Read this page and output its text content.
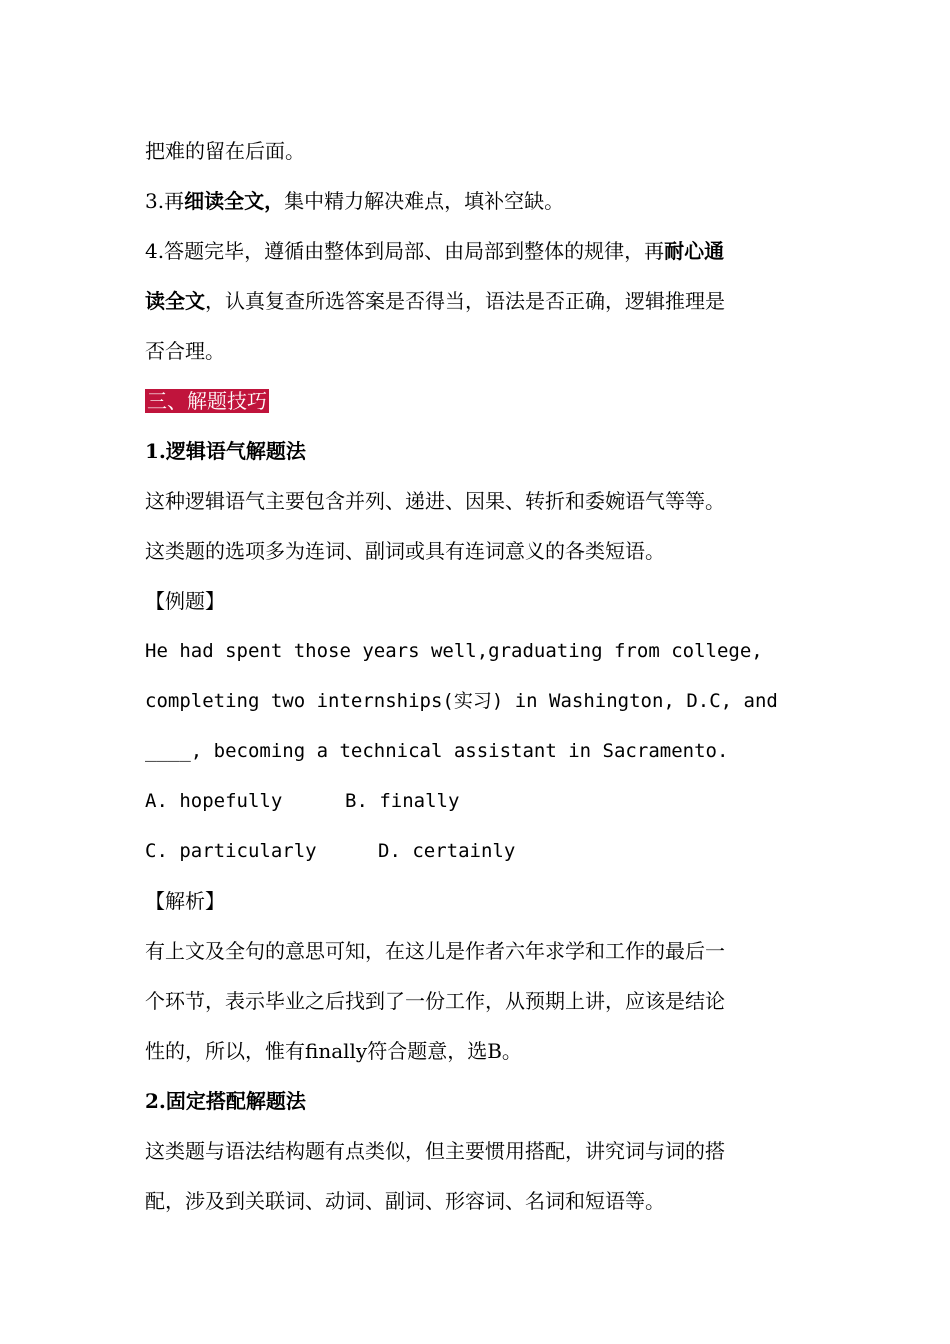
把难的留在后面。
3.再细读全文，集中精力解决难点，填补空缺。
4.答题完毕，遵循由整体到局部、由局部到整体的规律，再耐心通
读全文，认真复查所选答案是否得当，语法是否正确，逻辑推理是
否合理。
三、解题技巧
1.逻辑语气解题法
这种逻辑语气主要包含并列、递进、因果、转折和委婉语气等等。
这类题的选项多为连词、副词或具有连词意义的各类短语。
【例题】
He had spent those years well,graduating from college,
completing two internships(实习) in Washington, D.C, and
____, becoming a technical assistant in Sacramento.
A. hopefully	B. finally
C. particularly	D. certainly
【解析】
有上文及全句的意思可知，在这儿是作者六年求学和工作的最后一
个环节，表示毕业之后找到了一份工作，从预期上讲，应该是结论
性的，所以，惟有finally符合题意，选B。
2.固定搭配解题法
这类题与语法结构题有点类似，但主要惯用搭配，讲究词与词的搭
配，涉及到关联词、动词、副词、形容词、名词和短语等。
